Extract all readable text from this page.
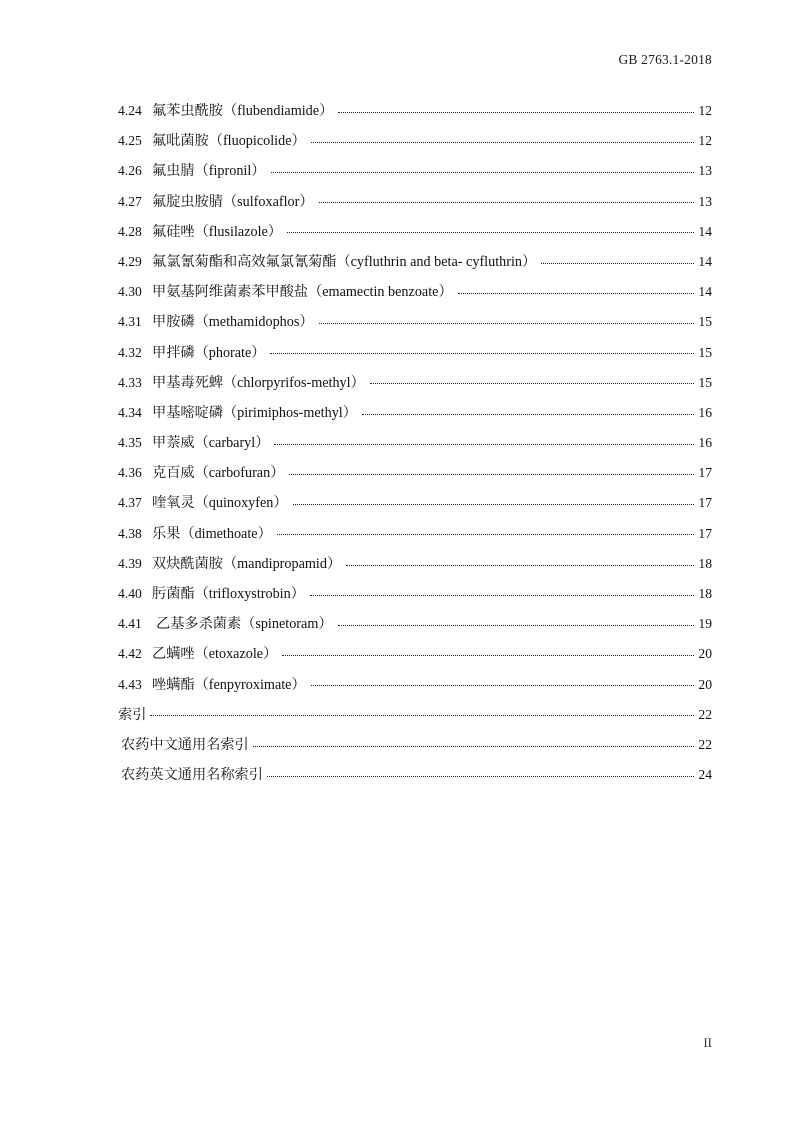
GB 2763.1-2018
4.24 氟苯虫酰胺（flubendiamide）	12
4.25 氟吡菌胺（fluopicolide）	12
4.26 氟虫腈（fipronil）	13
4.27 氟腚虫胺腈（sulfoxaflor）	13
4.28 氟硅唑（flusilazole）	14
4.29 氟氯氰菊酯和高效氟氯氰菊酯（cyfluthrin and beta- cyfluthrin）	14
4.30 甲氨基阿维菌素苯甲酸盐（emamectin benzoate）	14
4.31 甲胺磷（methamidophos）	15
4.32 甲拌磷（phorate）	15
4.33 甲基毒死蜱（chlorpyrifos-methyl）	15
4.34 甲基嘧啶磷（pirimiphos-methyl）	16
4.35 甲萘威（carbaryl）	16
4.36 克百威（carbofuran）	17
4.37 喹氧灵（quinoxyfen）	17
4.38 乐果（dimethoate）	17
4.39 双炔酰菌胺（mandipropamid）	18
4.40 肟菌酯（trifloxystrobin）	18
4.41	乙基多杀菌素（spinetoram）	19
4.42 乙螨唑（etoxazole）	20
4.43 唑螨酯（fenpyroximate）	20
索引	22
农药中文通用名索引	22
农药英文通用名称索引	24
II
